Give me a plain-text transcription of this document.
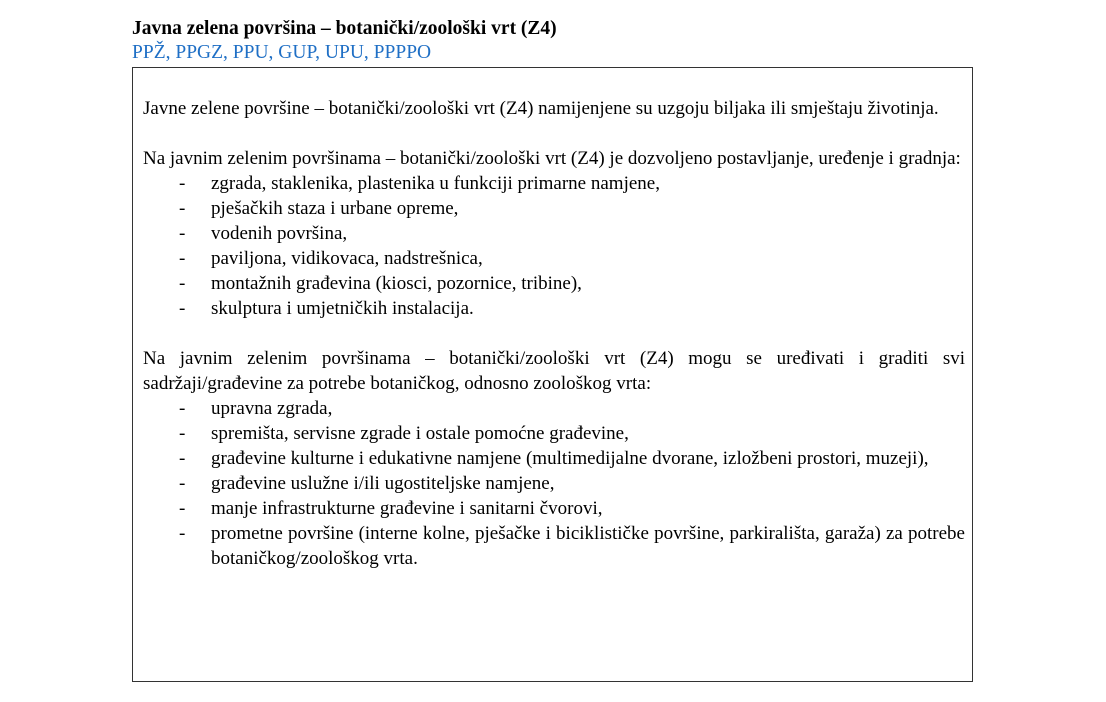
Javna zelena površina – botanički/zoološki vrt (Z4)
PPŽ, PPGZ, PPU, GUP, UPU, PPPPO

Javne zelene površine – botanički/zoološki vrt (Z4) namijenjene su uzgoju biljaka ili smještaju životinja.

Na javnim zelenim površinama – botanički/zoološki vrt (Z4) je dozvoljeno postavljanje, uređenje i gradnja:

- zgrada, staklenika, plastenika u funkciji primarne namjene,
- pješačkih staza i urbane opreme,
- vodenih površina,
- paviljona, vidikovaca, nadstrešnica,
- montažnih građevina (kiosci, pozornice, tribine),
- skulptura i umjetničkih instalacija.

Na javnim zelenim površinama – botanički/zoološki vrt (Z4) mogu se uređivati i graditi svi sadržaji/građevine za potrebe botaničkog, odnosno zoološkog vrta:

- upravna zgrada,
- spremišta, servisne zgrade i ostale pomoćne građevine,
- građevine kulturne i edukativne namjene (multimedijalne dvorane, izložbeni prostori, muzeji),
- građevine uslužne i/ili ugostiteljske namjene,
- manje infrastrukturne građevine i sanitarni čvorovi,
- prometne površine (interne kolne, pješačke i biciklističke površine, parkirališta, garaža) za potrebe botaničkog/zoološkog vrta.
